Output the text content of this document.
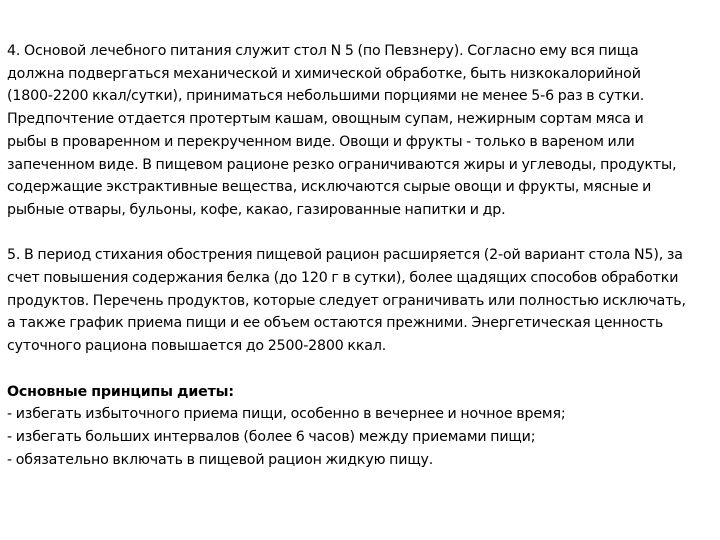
4. Основой лечебного питания служит стол N 5 (по Певзнеру). Согласно ему вся пища
должна подвергаться механической и химической обработке, быть низкокалорийной
(1800-2200 ккал/сутки), приниматься небольшими порциями не менее 5-6 раз в сутки.
Предпочтение отдается протертым кашам, овощным супам, нежирным сортам мяса и
рыбы в проваренном и перекрученном виде. Овощи и фрукты - только в вареном или
запеченном виде. В пищевом рационе резко ограничиваются жиры и углеводы, продукты,
содержащие экстрактивные вещества, исключаются сырые овощи и фрукты, мясные и
рыбные отвары, бульоны, кофе, какао, газированные напитки и др.
5. В период стихания обострения пищевой рацион расширяется (2-ой вариант стола N5), за
счет повышения содержания белка (до 120 г в сутки), более щадящих способов обработки
продуктов. Перечень продуктов, которые следует ограничивать или полностью исключать,
а также график приема пищи и ее объем остаются прежними. Энергетическая ценность
суточного рациона повышается до 2500-2800 ккал.
Основные принципы диеты:
- избегать избыточного приема пищи, особенно в вечернее и ночное время;
- избегать больших интервалов (более 6 часов) между приемами пищи;
- обязательно включать в пищевой рацион жидкую пищу.
